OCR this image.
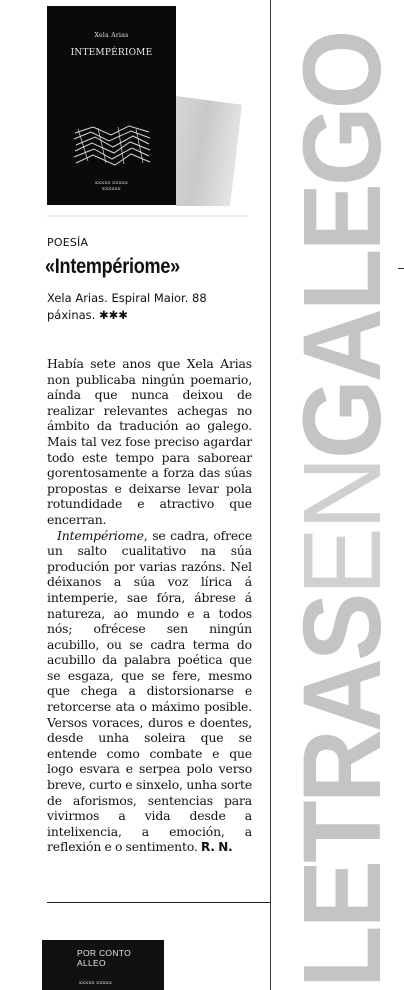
Xela Arias
INTEMPÉRIOME
XXXXX XXXXX
XXXXXX
POESÍA
«Intempériome»
Xela Arias. Espiral Maior. 88 páxinas. ✱✱✱

Había sete anos que Xela Arias non publicaba ningún poemario, aínda que nunca deixou de realizar relevantes achegas no ámbito da tradución ao galego. Mais tal vez fose preciso agardar todo este tempo para saborear gorentosamente a forza das súas propostas e deixarse levar pola rotundidade e atractivo que encerran.

Intempériome, se cadra, ofrece un salto cualitativo na súa produción por varias razóns. Nel déixanos a súa voz lírica á intemperie, sae fóra, ábrese á natureza, ao mundo e a todos nós; ofrécese sen ningún acubillo, ou se cadra terma do acubillo da palabra poética que se esgaza, que se fere, mesmo que chega a distorsionarse e retorcerse ata o máximo posible. Versos voraces, duros e doentes, desde unha soleira que se entende como combate e que logo esvara e serpea polo verso breve, curto e sinxelo, unha sorte de aforismos, sentencias para vivirmos a vida desde a intelixencia, a emoción, a reflexión e o sentimento. R. N.

POR CONTO
ALLEO
XXXXX XXXXX LETRASENGALEGO
